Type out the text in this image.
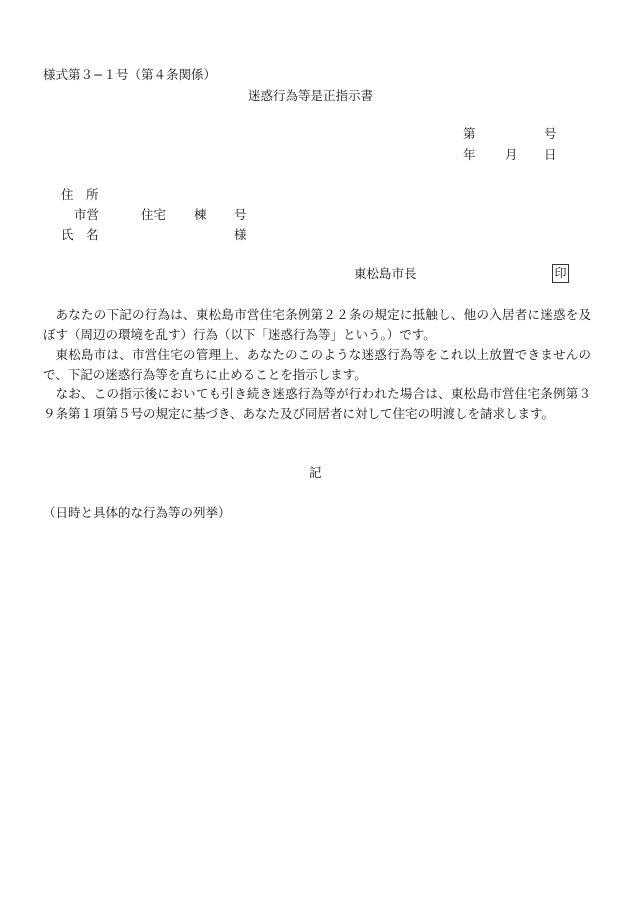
様式第３−１号（第４条関係）
迷惑行為等是正指示書
第	号
年 月 日
住　所
市営	住宅 棟 号
氏　名	様
東松島市長	印

あなたの下記の行為は、東松島市営住宅条例第２２条の規定に抵触し、他の入居者に迷惑を及ぼす（周辺の環境を乱す）行為（以下「迷惑行為等」という。）です。

東松島市は、市営住宅の管理上、あなたのこのような迷惑行為等をこれ以上放置できませんので、下記の迷惑行為等を直ちに止めることを指示します。

なお、この指示後においても引き続き迷惑行為等が行われた場合は、東松島市営住宅条例第３９条第１項第５号の規定に基づき、あなた及び同居者に対して住宅の明渡しを請求します。

記
（日時と具体的な行為等の列挙）
